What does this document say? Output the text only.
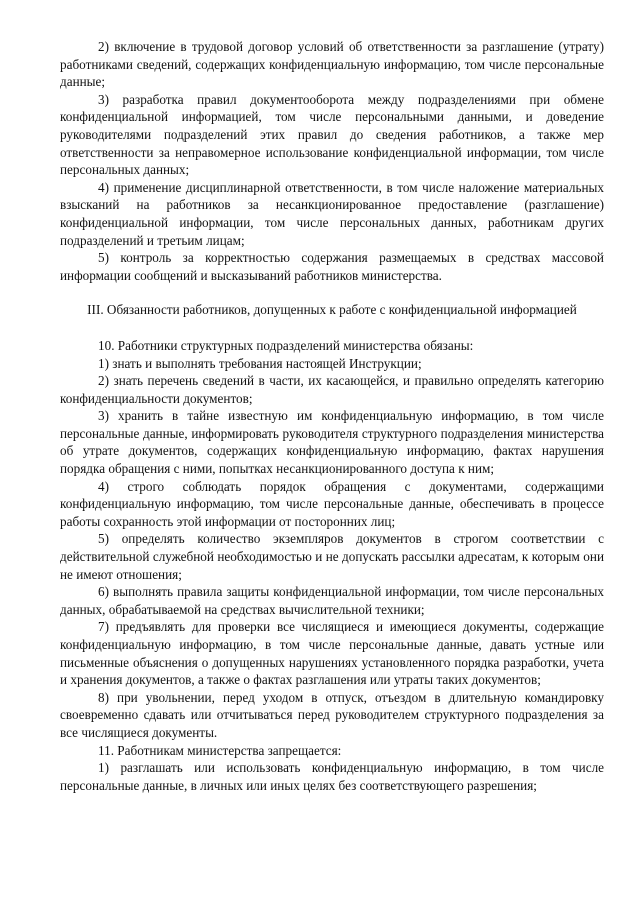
2) включение в трудовой договор условий об ответственности за разглашение (утрату) работниками сведений, содержащих конфиденциальную информацию, том числе персональные данные;

3) разработка правил документооборота между подразделениями при обмене конфиденциальной информацией, том числе персональными данными, и доведение руководителями подразделений этих правил до сведения работников, а также мер ответственности за неправомерное использование конфиденциальной информации, том числе персональных данных;

4) применение дисциплинарной ответственности, в том числе наложение материальных взысканий на работников за несанкционированное предоставление (разглашение) конфиденциальной информации, том числе персональных данных, работникам других подразделений и третьим лицам;

5) контроль за корректностью содержания размещаемых в средствах массовой информации сообщений и высказываний работников министерства.

III. Обязанности работников, допущенных к работе с конфиденциальной информацией

10. Работники структурных подразделений министерства обязаны:

1) знать и выполнять требования настоящей Инструкции;

2) знать перечень сведений в части, их касающейся, и правильно определять категорию конфиденциальности документов;

3) хранить в тайне известную им конфиденциальную информацию, в том числе персональные данные, информировать руководителя структурного подразделения министерства об утрате документов, содержащих конфиденциальную информацию, фактах нарушения порядка обращения с ними, попытках несанкционированного доступа к ним;

4) строго соблюдать порядок обращения с документами, содержащими конфиденциальную информацию, том числе персональные данные, обеспечивать в процессе работы сохранность этой информации от посторонних лиц;

5) определять количество экземпляров документов в строгом соответствии с действительной служебной необходимостью и не допускать рассылки адресатам, к которым они не имеют отношения;

6) выполнять правила защиты конфиденциальной информации, том числе персональных данных, обрабатываемой на средствах вычислительной техники;

7) предъявлять для проверки все числящиеся и имеющиеся документы, содержащие конфиденциальную информацию, в том числе персональные данные, давать устные или письменные объяснения о допущенных нарушениях установленного порядка разработки, учета и хранения документов, а также о фактах разглашения или утраты таких документов;

8) при увольнении, перед уходом в отпуск, отъездом в длительную командировку своевременно сдавать или отчитываться перед руководителем структурного подразделения за все числящиеся документы.

11. Работникам министерства запрещается:

1) разглашать или использовать конфиденциальную информацию, в том числе персональные данные, в личных или иных целях без соответствующего разрешения;
